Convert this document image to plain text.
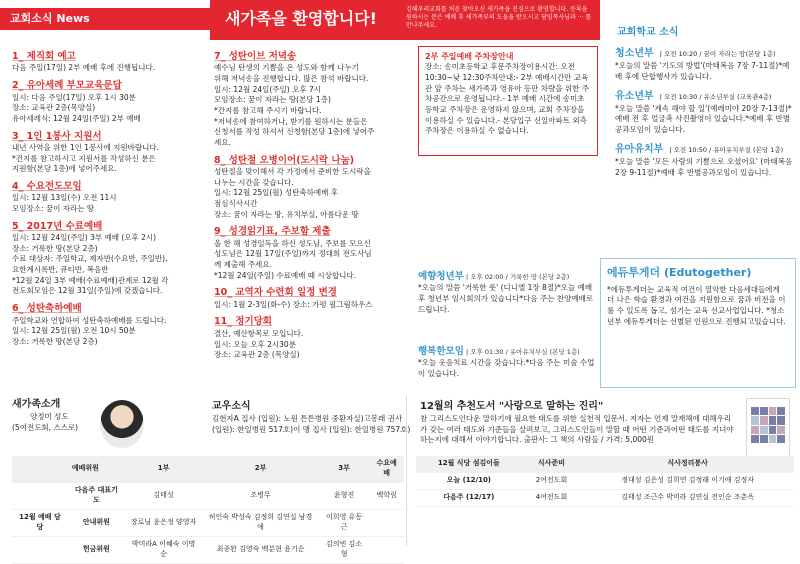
교회소식 News	새가족을 환영합니다!	김해우리교회를 처음 찾아오신 새가족을 진심으로 환영합니다. 등록을 원하시는 분은 예배 후 새가족부의 도움을 받으시고 담임목사님과 ··· 를 만나주세요.
1_ 제직회 예고
다음 주일(17일) 2부 예배 후에 진행됩니다.
2_ 유아세례 부모교육문답
일시: 다음 주일(17일) 오후 1시 30분
장소: 교육관 2층(목양실)
유아세례식: 12월 24일(주일) 2부 예배
3_ 1인 1봉사 지원서
내년 사역을 위한 1인 1봉사에 지원바랍니다.
*건지를 참고하시고 지원서를 작성하신 분은
지원함(본당 1층)에 넣어주세요.
4_ 수요전도모임
일시: 12월 13일(수) 오전 11시
모임장소: 꿈이 자라는 땅
5_ 2017년 수료예배
일시: 12월 24일(주일) 3부 예배 (오후 2시)
장소: 거룩한 땅(본당 2층)
수료 대상자: 주일학교, 제자반(수요반, 주일반),
요한계시록반, 큐티반, 복음반
*12월 24일 3부 예배(수료예배)관계로 12월 각
전도회모임은 12월 31일(주일)에 갖겠습니다.
6_ 성탄축하예배
주일학교와 연합하여 성탄축하예배를 드립니다.
일시: 12월 25일(월) 오전 10시 50분
장소: 거룩한 땅(본당 2층)
7_ 성탄이브 저녁송
예수님 탄생의 기쁨을 온 성도와 함께 나누기
위해 저녁송을 진행합니다. 많은 참석 바랍니다.
일시: 12월 24일(주일) 오후 7시
모임장소: 꿈이 자라는 땅(본당 1층)
*간지를 참고해 주시기 바랍니다.
*저녁송에 참여하거나, 받기를 원하시는 분들은
신청서를 작성 하셔서 신청함(본당 1층)에 넣어주
세요.
8_ 성탄절 오병이어(도시락 나눔)
성탄절을 맞이해서 각 가정에서 준비한 도시락을
나누는 시간을 갖습니다.
일시: 12월 25일(월) 성탄축하예배 후
점심식사시간
장소: 꿈이 자라는 땅, 유치부실, 아름다운 땅
9_ 성경읽기표, 주보함 제출
올 한 해 성경일독을 하신 성도님, 주보를 모으신
성도님은 12월 17일(주일)까지 정대희 전도사님
께 제출해 주세요.
*12월 24일(주일) 수료예배 때 시상합니다.
10_ 교역자 수련회 일정 변경
일시: 1월 2-3일(화-수) 장소: 가평 필그림하우스
11_ 정기당회
결산, 예산항목로 모입니다.
일시: 오늘 오후 2시30분
장소: 교육관 2층 (목양실)
2부 주일예배 주차장안내
장소: 송미초등학교 후문주차장이용시간: 오전 10:30~낮 12:30주차안내:- 2부 예배시간만 교육관 앞 주차는 새가족과 영유아 등만 차량을 위한 주차공간으로 운영됩니다.- 1부 예배 시간에 송미초등학교 주차장은 운영하지 않으며, 교회 주차장을 이용하실 수 있습니다.- 본당입구 신일아파트 외측 주차장은 이용하실 수 없습니다.
예향청년부 | 오후 02:00 / 거룩한 땅 (본당 2층)
*오늘의 말씀 '거룩한 룻' (디니엘 1장 8절)*오늘 예배 후 청년부 임시회의가 있습니다*다음 주는 찬양예배로 드립니다.
행복한모임 | 오후 01:30 / 유아유치부실 (본당 1층)
*오늘 웃음치료 시간을 갖습니다.*다음 주는 미술 수업이 있습니다.
교회학교 소식
청소년부 | 오전 10:20 / 꿈이 자라는 땅(본당 1층)
*오늘의 말씀 '기도의 방법'(마태복음 7장 7-11절)*예배 후에 단합행사가 있습니다.
유소년부 | 오전 10:30 / 유소년부실 (교육관4층)
*오늘 말씀 '계속 해야 할 일'(예레미야 20장 7-13절)*예배 전 후 얼굴촉 사진촬영이 있습니다.*예배 후 반별공과모임이 있습니다.
유아유치부 | 오전 10:50 / 유아유치부실 (본당 1층)
*오늘 말씀 '모든 사람의 기쁨으로 오셨어요' (마태복음 2장 9-11절)*예배 후 반별공과모임이 있습니다.
에듀투게더 (Edutogether)
*에듀투게더는 교육적 여건이 열악한 다음세대들에게 더 나은 학습 환경과 여건을 지원함으로 꿈과 비전을 이룰 수 있도록 돕고, 섬기는 교육 선교사업입니다. *청소년부 에듀투게더는 선별된 인원으로 진행되고있습니다.
새가족소개
양정미 성도
(5여전도회, 스스로)
교우소식
김현자A 집사 (입원): 노원 튼튼병원 중환자실)고봉래 권사 (입원): 한일병원 517호)이 맹 집사 (입원): 한일병원 757호)
12월의 추천도서 "사랑으로 말하는 진리"
참 그리스도인다운 말하기에 필요한 태도를 위한 실천적 입문서. 저자는 언제 말재해에 대해우리가 갖는 여러 태도와 기준들을 살펴보고, 그리스도인들이 말할 때 어떤 기준과어떤 태도를 지녀야 하는지에 대해서 이야기합니다. 출판사: 그 책의 사람들 / 가격: 5,000원
	예배위원	1부	2부	3부	수요예배
	다음주 대표기도	김태성	조병무	윤형진	백학림
12월 예배 담당	안내위원	장로님 윤은정 양영자	허인숙 박성숙 김정희 김연실 남경애	이희영 유동근	
	헌금위원	박미라A 이혜숙 이명순	최종완 김영숙 백분현 윤기순	김의빈 김소형	
12월 식당 섬김이들	식사준비	식사정리봉사
오늘 (12/10)	2여전도회	정대성 김은성 김희연 김정래 이기애 김정자
다음주 (12/17)	4여전도회	김태성 조근수 박미라 김연실 전인순 조춘옥
